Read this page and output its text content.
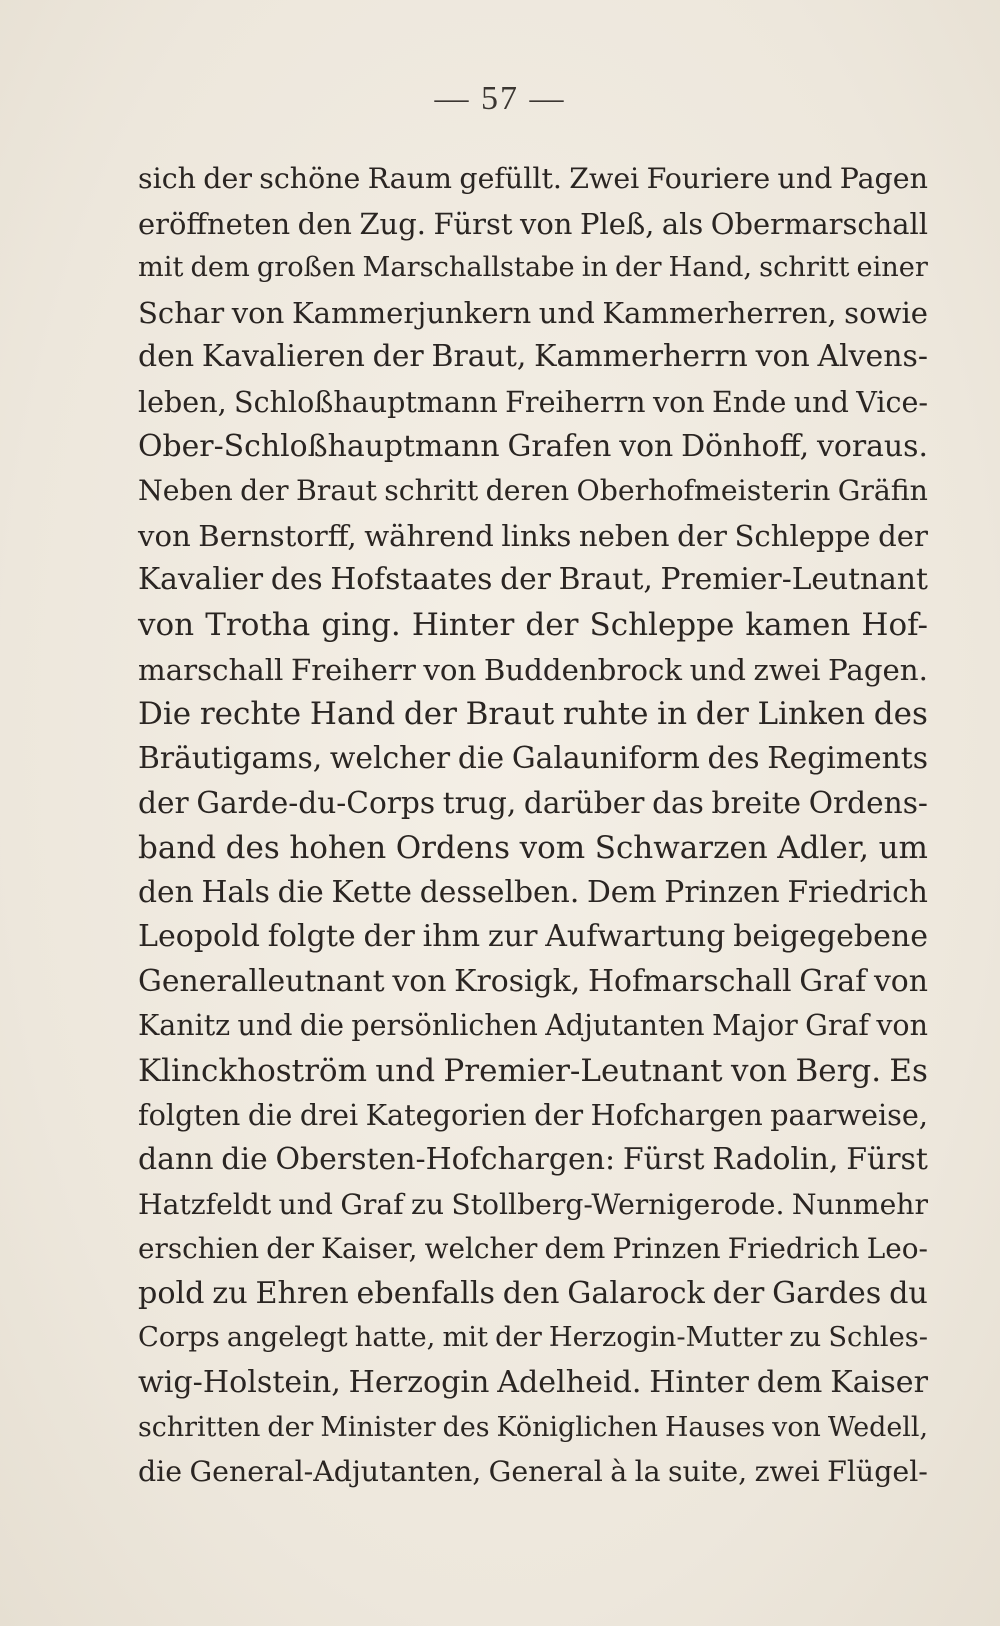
— 57 —
sich der schöne Raum gefüllt. Zwei Fouriere und Pagen
eröffneten den Zug. Fürst von Pleß, als Obermarschall
mit dem großen Marschallstabe in der Hand, schritt einer
Schar von Kammerjunkern und Kammerherren, sowie
den Kavalieren der Braut, Kammerherrn von Alvens-
leben, Schloßhauptmann Freiherrn von Ende und Vice-
Ober-Schloßhauptmann Grafen von Dönhoff, voraus.
Neben der Braut schritt deren Oberhofmeisterin Gräfin
von Bernstorff, während links neben der Schleppe der
Kavalier des Hofstaates der Braut, Premier-Leutnant
von Trotha ging. Hinter der Schleppe kamen Hof-
marschall Freiherr von Buddenbrock und zwei Pagen.
Die rechte Hand der Braut ruhte in der Linken des
Bräutigams, welcher die Galauniform des Regiments
der Garde-du-Corps trug, darüber das breite Ordens-
band des hohen Ordens vom Schwarzen Adler, um
den Hals die Kette desselben. Dem Prinzen Friedrich
Leopold folgte der ihm zur Aufwartung beigegebene
Generalleutnant von Krosigk, Hofmarschall Graf von
Kanitz und die persönlichen Adjutanten Major Graf von
Klinckhoström und Premier-Leutnant von Berg. Es
folgten die drei Kategorien der Hofchargen paarweise,
dann die Obersten-Hofchargen: Fürst Radolin, Fürst
Hatzfeldt und Graf zu Stollberg-Wernigerode. Nunmehr
erschien der Kaiser, welcher dem Prinzen Friedrich Leo-
pold zu Ehren ebenfalls den Galarock der Gardes du
Corps angelegt hatte, mit der Herzogin-Mutter zu Schles-
wig-Holstein, Herzogin Adelheid. Hinter dem Kaiser
schritten der Minister des Königlichen Hauses von Wedell,
die General-Adjutanten, General à la suite, zwei Flügel-
